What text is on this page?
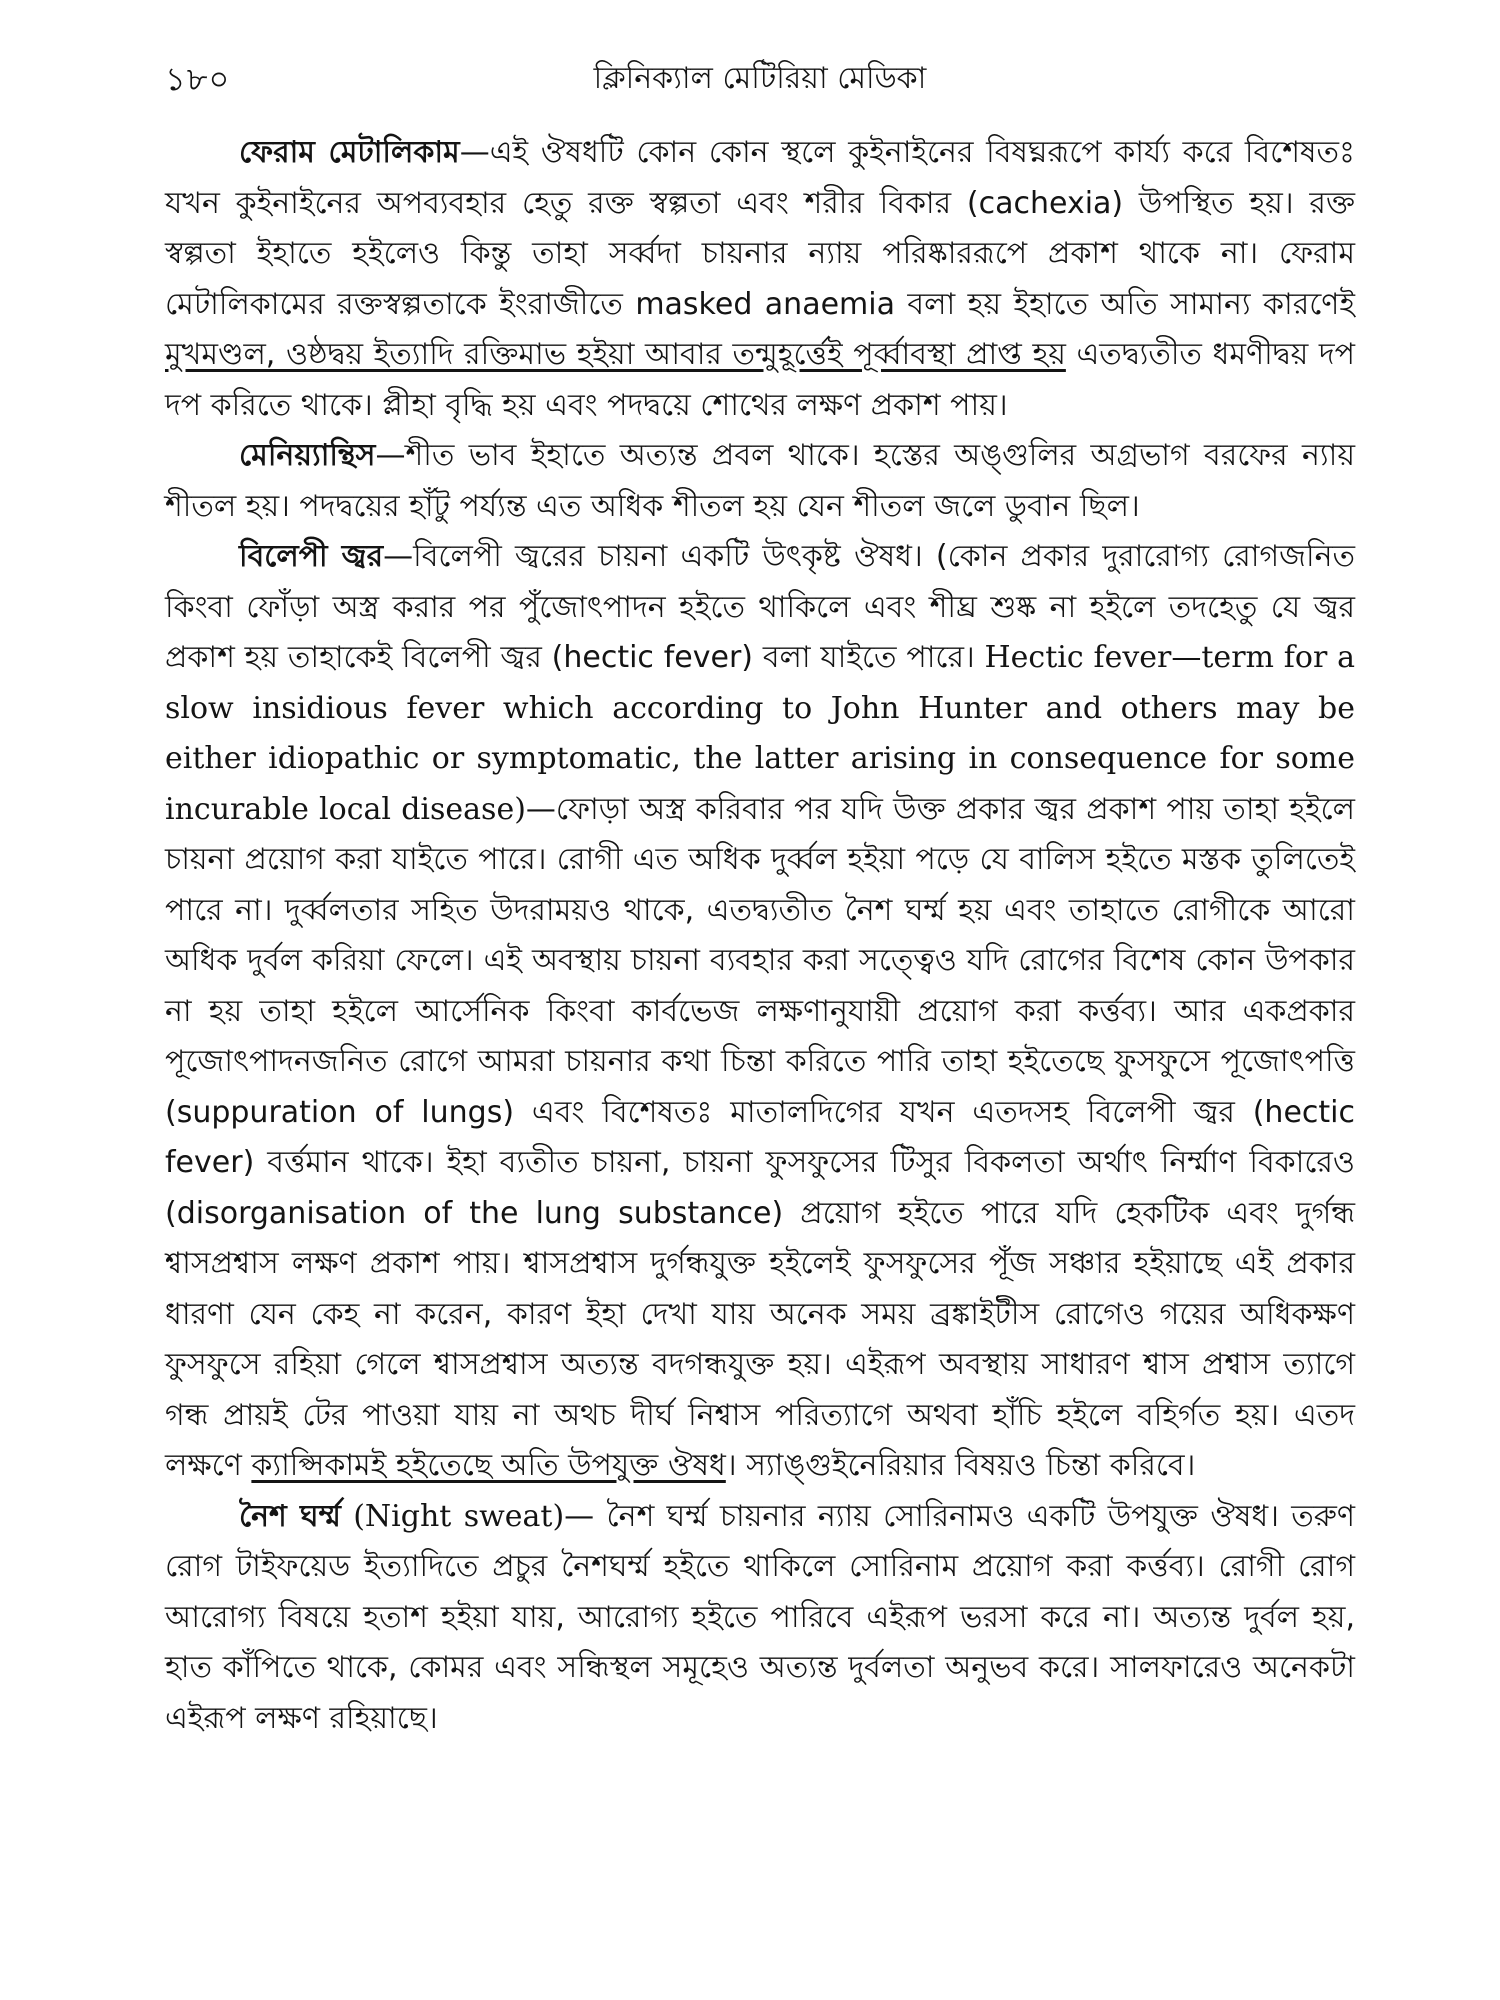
১৮০	ক্লিনিক্যাল মেটিরিয়া মেডিকা

ফেরাম মেটালিকাম—এই ঔষধটি কোন কোন স্থলে কুইনাইনের বিষঘ্নরূপে কার্য্য করে বিশেষতঃ যখন কুইনাইনের অপব্যবহার হেতু রক্ত স্বল্পতা এবং শরীর বিকার (cachexia) উপস্থিত হয়। রক্ত স্বল্পতা ইহাতে হইলেও কিন্তু তাহা সর্ব্বদা চায়নার ন্যায় পরিষ্কাররূপে প্রকাশ থাকে না। ফেরাম মেটালিকামের রক্তস্বল্পতাকে ইংরাজীতে masked anaemia বলা হয় ইহাতে অতি সামান্য কারণেই মুখমণ্ডল, ওষ্ঠদ্বয় ইত্যাদি রক্তিমাভ হইয়া আবার তন্মুহূর্ত্তেই পূর্ব্বাবস্থা প্রাপ্ত হয় এতদ্ব্যতীত ধমণীদ্বয় দপ দপ করিতে থাকে। প্লীহা বৃদ্ধি হয় এবং পদদ্বয়ে শোথের লক্ষণ প্রকাশ পায়।

মেনিয়্যান্থিস—শীত ভাব ইহাতে অত্যন্ত প্রবল থাকে। হস্তের অঙ্গুলির অগ্রভাগ বরফের ন্যায় শীতল হয়। পদদ্বয়ের হাঁটু পর্য্যন্ত এত অধিক শীতল হয় যেন শীতল জলে ডুবান ছিল।

বিলেপী জ্বর—বিলেপী জ্বরের চায়না একটি উৎকৃষ্ট ঔষধ। (কোন প্রকার দুরারোগ্য রোগজনিত কিংবা ফোঁড়া অস্ত্র করার পর পুঁজোৎপাদন হইতে থাকিলে এবং শীঘ্র শুষ্ক না হইলে তদহেতু যে জ্বর প্রকাশ হয় তাহাকেই বিলেপী জ্বর (hectic fever) বলা যাইতে পারে। Hectic fever—term for a slow insidious fever which according to John Hunter and others may be either idiopathic or symptomatic, the latter arising in consequence for some incurable local disease)—ফোড়া অস্ত্র করিবার পর যদি উক্ত প্রকার জ্বর প্রকাশ পায় তাহা হইলে চায়না প্রয়োগ করা যাইতে পারে। রোগী এত অধিক দুর্ব্বল হইয়া পড়ে যে বালিস হইতে মস্তক তুলিতেই পারে না। দুর্ব্বলতার সহিত উদরাময়ও থাকে, এতদ্ব্যতীত নৈশ ঘর্ম্ম হয় এবং তাহাতে রোগীকে আরো অধিক দুর্বল করিয়া ফেলে। এই অবস্থায় চায়না ব্যবহার করা সত্ত্বেও যদি রোগের বিশেষ কোন উপকার না হয় তাহা হইলে আর্সেনিক কিংবা কার্বভেজ লক্ষণানুযায়ী প্রয়োগ করা কর্ত্তব্য। আর একপ্রকার পূজোৎপাদনজনিত রোগে আমরা চায়নার কথা চিন্তা করিতে পারি তাহা হইতেছে ফুসফুসে পূজোৎপত্তি (suppuration of lungs) এবং বিশেষতঃ মাতালদিগের যখন এতদসহ বিলেপী জ্বর (hectic fever) বর্ত্তমান থাকে। ইহা ব্যতীত চায়না, চায়না ফুসফুসের টিসুর বিকলতা অর্থাৎ নির্ম্মাণ বিকারেও (disorganisation of the lung substance) প্রয়োগ হইতে পারে যদি হেকটিক এবং দুর্গন্ধ শ্বাসপ্রশ্বাস লক্ষণ প্রকাশ পায়। শ্বাসপ্রশ্বাস দুর্গন্ধযুক্ত হইলেই ফুসফুসের পূঁজ সঞ্চার হইয়াছে এই প্রকার ধারণা যেন কেহ না করেন, কারণ ইহা দেখা যায় অনেক সময় ব্রঙ্কাইটীস রোগেও গয়ের অধিকক্ষণ ফুসফুসে রহিয়া গেলে শ্বাসপ্রশ্বাস অত্যন্ত বদগন্ধযুক্ত হয়। এইরূপ অবস্থায় সাধারণ শ্বাস প্রশ্বাস ত্যাগে গন্ধ প্রায়ই টের পাওয়া যায় না অথচ দীর্ঘ নিশ্বাস পরিত্যাগে অথবা হাঁচি হইলে বহির্গত হয়। এতদ লক্ষণে ক্যাপ্সিকামই হইতেছে অতি উপযুক্ত ঔষধ। স্যাঙ্গুইনেরিয়ার বিষয়ও চিন্তা করিবে।

নৈশ ঘর্ম্ম (Night sweat)— নৈশ ঘর্ম্ম চায়নার ন্যায় সোরিনামও একটি উপযুক্ত ঔষধ। তরুণ রোগ টাইফয়েড ইত্যাদিতে প্রচুর নৈশঘর্ম্ম হইতে থাকিলে সোরিনাম প্রয়োগ করা কর্ত্তব্য। রোগী রোগ আরোগ্য বিষয়ে হতাশ হইয়া যায়, আরোগ্য হইতে পারিবে এইরূপ ভরসা করে না। অত্যন্ত দুর্বল হয়, হাত কাঁপিতে থাকে, কোমর এবং সন্ধিস্থল সমূহেও অত্যন্ত দুর্বলতা অনুভব করে। সালফারেও অনেকটা এইরূপ লক্ষণ রহিয়াছে।
